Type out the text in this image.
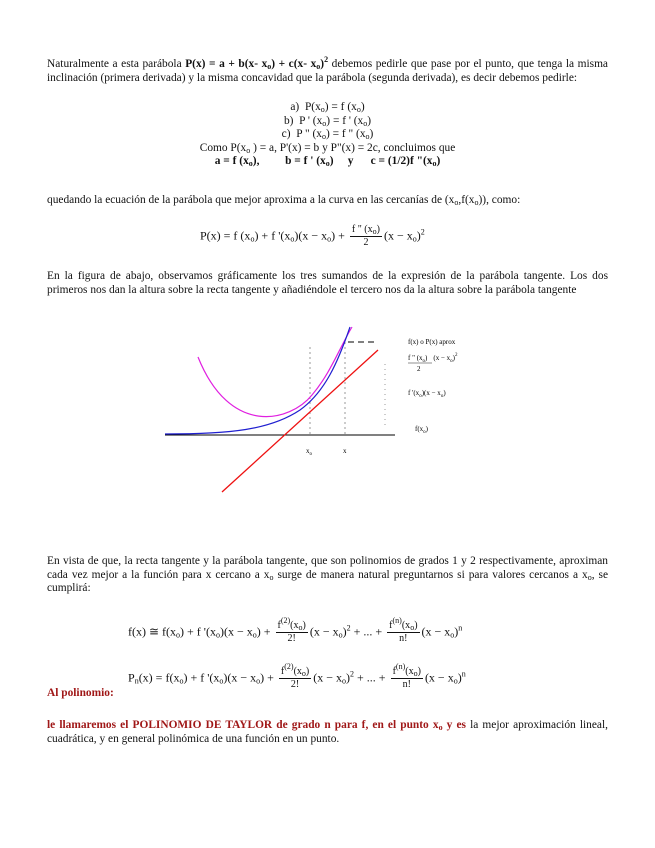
Naturalmente a esta parábola P(x) = a + b(x- $x_o) + c(x-$ $x_o)^2$ debemos pedirle que pase por el punto, que tenga la misma inclinación (primera derivada) y la misma concavidad que la parábola (segunda derivada), es decir debemos pedirle:
a) $P(x_o) = f$ $(x_o)$
b) P ' $(x_o) = f$ ' $(x_o)$
c) P " $(x_o) = f$ " $(x_o)$
Como $P(x_o$ ) = a, P'(x) = b y P"(x) = 2c, concluimos que
a = f $(x_o)$, b = f ' $(x_o)$ y c = (1/2)f "$(x_o)$
quedando la ecuación de la parábola que mejor aproxima a la curva en las cercanías de $(x_o,f(x_o))$, como:
P(x) = f $(x_o) + f$ '$(x_o)(x - x_o) + \frac{f " (x_o)}{2} (x - x_o)^2$
En la figura de abajo, observamos gráficamente los tres sumandos de la expresión de la parábola tangente. Los dos primeros nos dan la altura sobre la recta tangente y añadiéndole el tercero nos da la altura sobre la parábola tangente
f(x) o P(x) aprox
f " $(x_o) (x - x_o)^2$
2
f '$(x_o)(x - x_o)$
$f(x_o)$
$x_o$	x
En vista de que, la recta tangente y la parábola tangente, que son polinomios de grados 1 y 2 respectivamente, aproximan cada vez mejor a la función para x cercano a $x_o$ surge de manera natural preguntarnos si para valores cercanos a $x_o$, se cumplirá:
f(x) ≅ $f(x_o) + f$ '$(x_o)(x - x_o) + \frac{f^{(2)}(x_o)}{2!} (x - x_o)^2$ + ... + $\frac{f^{(n)}(x_o)}{n!} (x - x_o)^n$
$P_n(x) = f(x_o) + f$ '$(x_o)(x - x_o) + \frac{f^{(2)}(x_o)}{2!} (x - x_o)^2$ + ... + $\frac{f^{(n)}(x_o)}{n!} (x - x_o)^n$
Al polinomio:
le llamaremos el POLINOMIO DE TAYLOR de grado n para f, en el punto $x_o$ y es la mejor aproximación lineal, cuadrática, y en general polinómica de una función en un punto.
